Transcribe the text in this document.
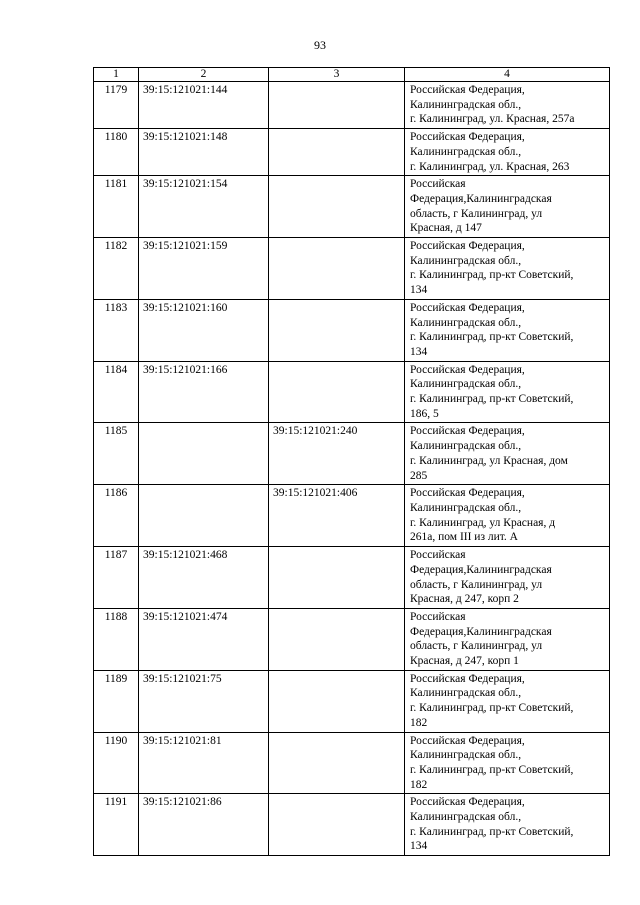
93
1	2	3	4
1179	39:15:121021:144		Российская Федерация,
Калининградская обл.,
г. Калининград, ул. Красная, 257а

1180	39:15:121021:148		Российская Федерация,
Калининградская обл.,
г. Калининград, ул. Красная, 263

1181	39:15:121021:154		Российская
Федерация,Калининградская
область, г Калининград, ул
Красная, д 147

1182	39:15:121021:159		Российская Федерация,
Калининградская обл.,
г. Калининград, пр-кт Советский,
134

1183	39:15:121021:160		Российская Федерация,
Калининградская обл.,
г. Калининград, пр-кт Советский,
134

1184	39:15:121021:166		Российская Федерация,
Калининградская обл.,
г. Калининград, пр-кт Советский,
186, 5

1185		39:15:121021:240	Российская Федерация,
Калининградская обл.,
г. Калининград, ул Красная, дом
285

1186		39:15:121021:406	Российская Федерация,
Калининградская обл.,
г. Калининград, ул Красная, д
261а, пом III из лит. А

1187	39:15:121021:468		Российская
Федерация,Калининградская
область, г Калининград, ул
Красная, д 247, корп 2

1188	39:15:121021:474		Российская
Федерация,Калининградская
область, г Калининград, ул
Красная, д 247, корп 1

1189	39:15:121021:75		Российская Федерация,
Калининградская обл.,
г. Калининград, пр-кт Советский,
182

1190	39:15:121021:81		Российская Федерация,
Калининградская обл.,
г. Калининград, пр-кт Советский,
182

1191	39:15:121021:86		Российская Федерация,
Калининградская обл.,
г. Калининград, пр-кт Советский,
134
